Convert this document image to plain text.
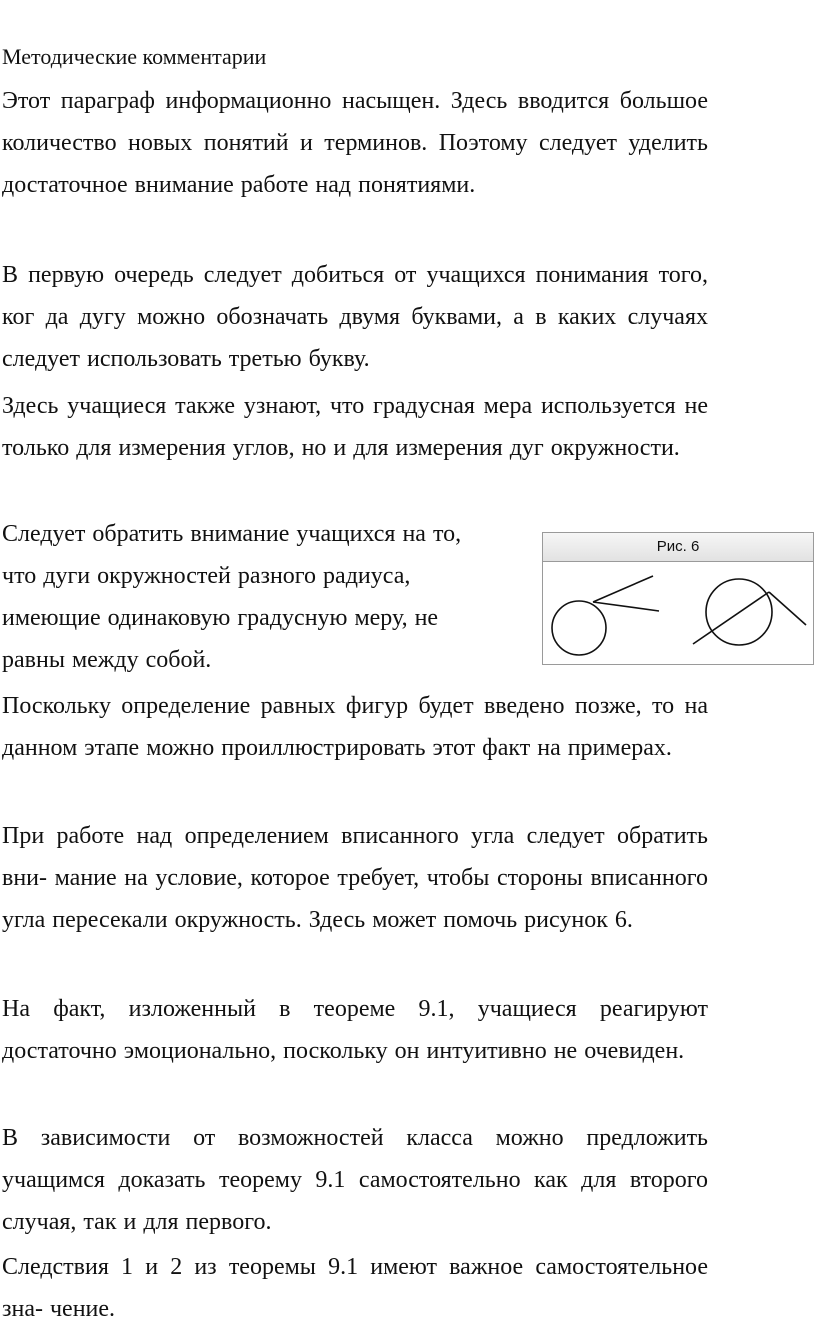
Методические комментарии

Этот параграф информационно насыщен. Здесь вводится большое количество новых понятий и терминов. Поэтому следует уделить достаточное внимание работе над понятиями.

В первую очередь следует добиться от учащихся понимания того, ког да дугу можно обозначать двумя буквами, а в каких случаях следует использовать третью букву.

Здесь учащиеся также узнают, что градусная мера используется не только для измерения углов, но и для измерения дуг окружности.

Следует обратить внимание учащихся на то, что дуги окружностей разного радиуса, имеющие одинаковую градусную меру, не равны между собой.

Поскольку определение равных фигур будет введено позже, то на данном этапе можно проиллюстрировать этот факт на примерах.

При работе над определением вписанного угла следует обратить вни- мание на условие, которое требует, чтобы стороны вписанного угла пересекали окружность. Здесь может помочь рисунок 6.

На факт, изложенный в теореме 9.1, учащиеся реагируют достаточно эмоционально, поскольку он интуитивно не очевиден.

В зависимости от возможностей класса можно предложить учащимся доказать теорему 9.1 самостоятельно как для второго случая, так и для первого.

Следствия 1 и 2 из теоремы 9.1 имеют важное самостоятельное зна- чение.

Рис. 6
